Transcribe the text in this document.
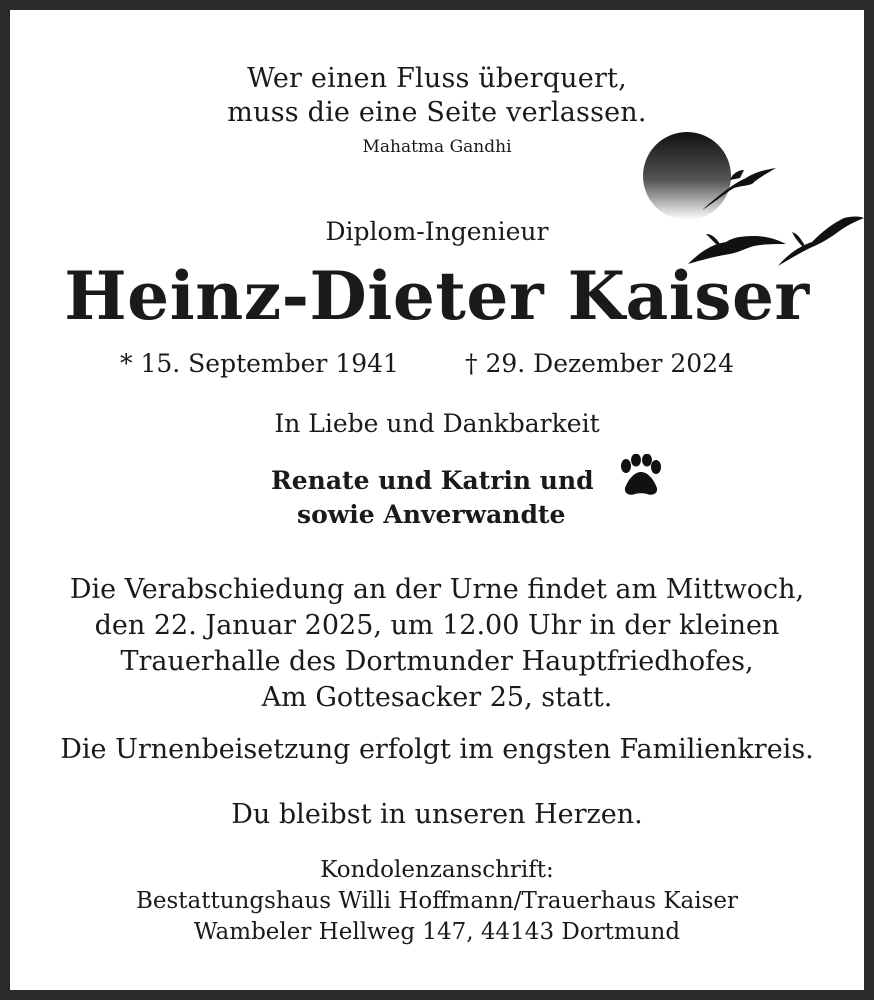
Wer einen Fluss überquert,
muss die eine Seite verlassen.
Mahatma Gandhi
Diplom-Ingenieur
Heinz-Dieter Kaiser
* 15. September 1941	† 29. Dezember 2024
In Liebe und Dankbarkeit
Renate und Katrin und
sowie Anverwandte
Die Verabschiedung an der Urne findet am Mittwoch,
den 22. Januar 2025, um 12.00 Uhr in der kleinen
Trauerhalle des Dortmunder Hauptfriedhofes,
Am Gottesacker 25, statt.
Die Urnenbeisetzung erfolgt im engsten Familienkreis.
Du bleibst in unseren Herzen.
Kondolenzanschrift:
Bestattungshaus Willi Hoffmann/Trauerhaus Kaiser
Wambeler Hellweg 147, 44143 Dortmund
